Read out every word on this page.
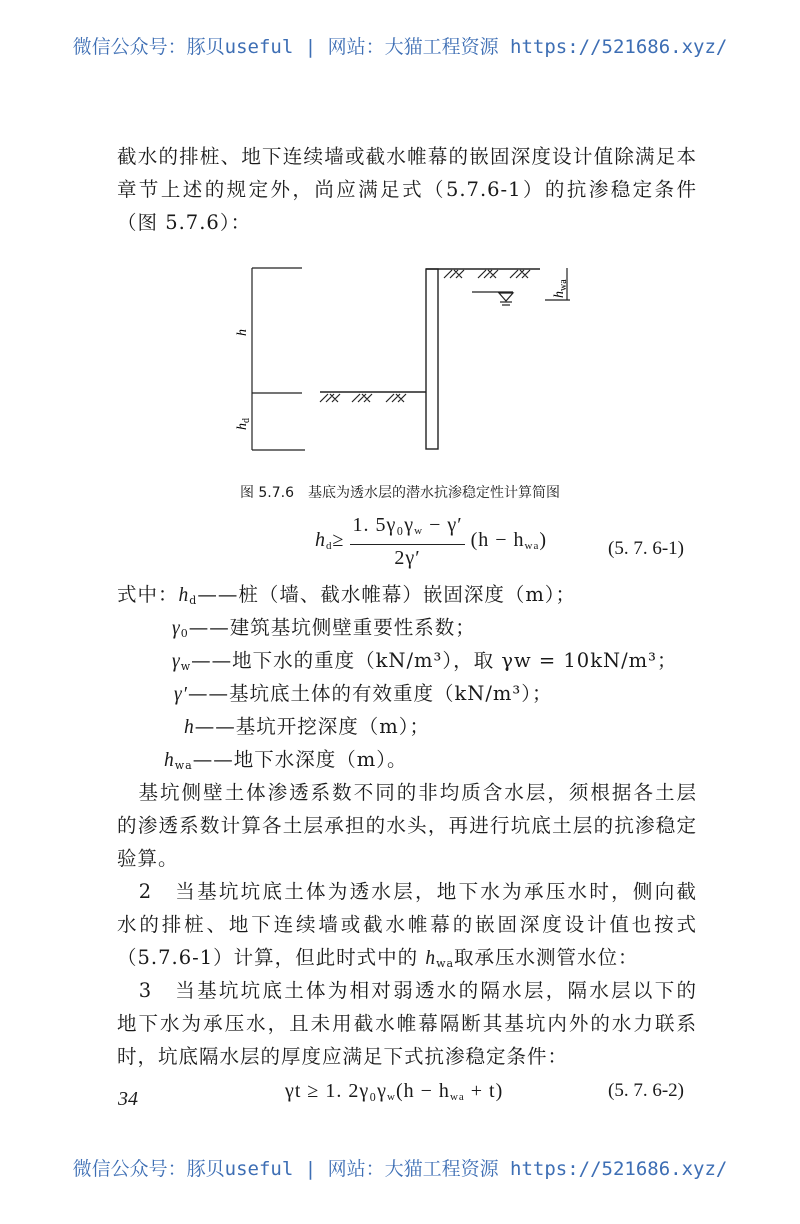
微信公众号：豚贝useful | 网站：大猫工程资源 https://521686.xyz/
截水的排桩、地下连续墙或截水帷幕的嵌固深度设计值除满足本
章节上述的规定外，尚应满足式（5.7.6-1）的抗渗稳定条件
（图 5.7.6）：
h
$h_d$
$h_{wa}$
图 5.7.6　基底为透水层的潜水抗渗稳定性计算简图
$h_d\ge \frac{1. 5\gamma_0\gamma_w - \gamma'}{2\gamma'} (h - h_{wa})$	(5. 7. 6-1)
式中：$h_d——$桩（墙、截水帷幕）嵌固深度（m）；
$\gamma_0——$建筑基坑侧壁重要性系数；
$\gamma_w——$地下水的重度（kN/m³），取 γw = 10kN/m³；
γ′——基坑底土体的有效重度（kN/m³）；
h——基坑开挖深度（m）；
$h_{wa}——$地下水深度（m）。
　基坑侧壁土体渗透系数不同的非均质含水层，须根据各土层
的渗透系数计算各土层承担的水头，再进行坑底土层的抗渗稳定
验算。
　2　当基坑坑底土体为透水层，地下水为承压水时，侧向截
水的排桩、地下连续墙或截水帷幕的嵌固深度设计值也按式
（5.7.6-1）计算，但此时式中的 $h_{wa}$取承压水测管水位：
　3　当基坑坑底土体为相对弱透水的隔水层，隔水层以下的
地下水为承压水，且未用截水帷幕隔断其基坑内外的水力联系
时，坑底隔水层的厚度应满足下式抗渗稳定条件：
γt ≥ 1. $2\gamma_0\gamma_w(h - h_{wa} + t)$	(5. 7. 6-2)
34
微信公众号：豚贝useful | 网站：大猫工程资源 https://521686.xyz/
